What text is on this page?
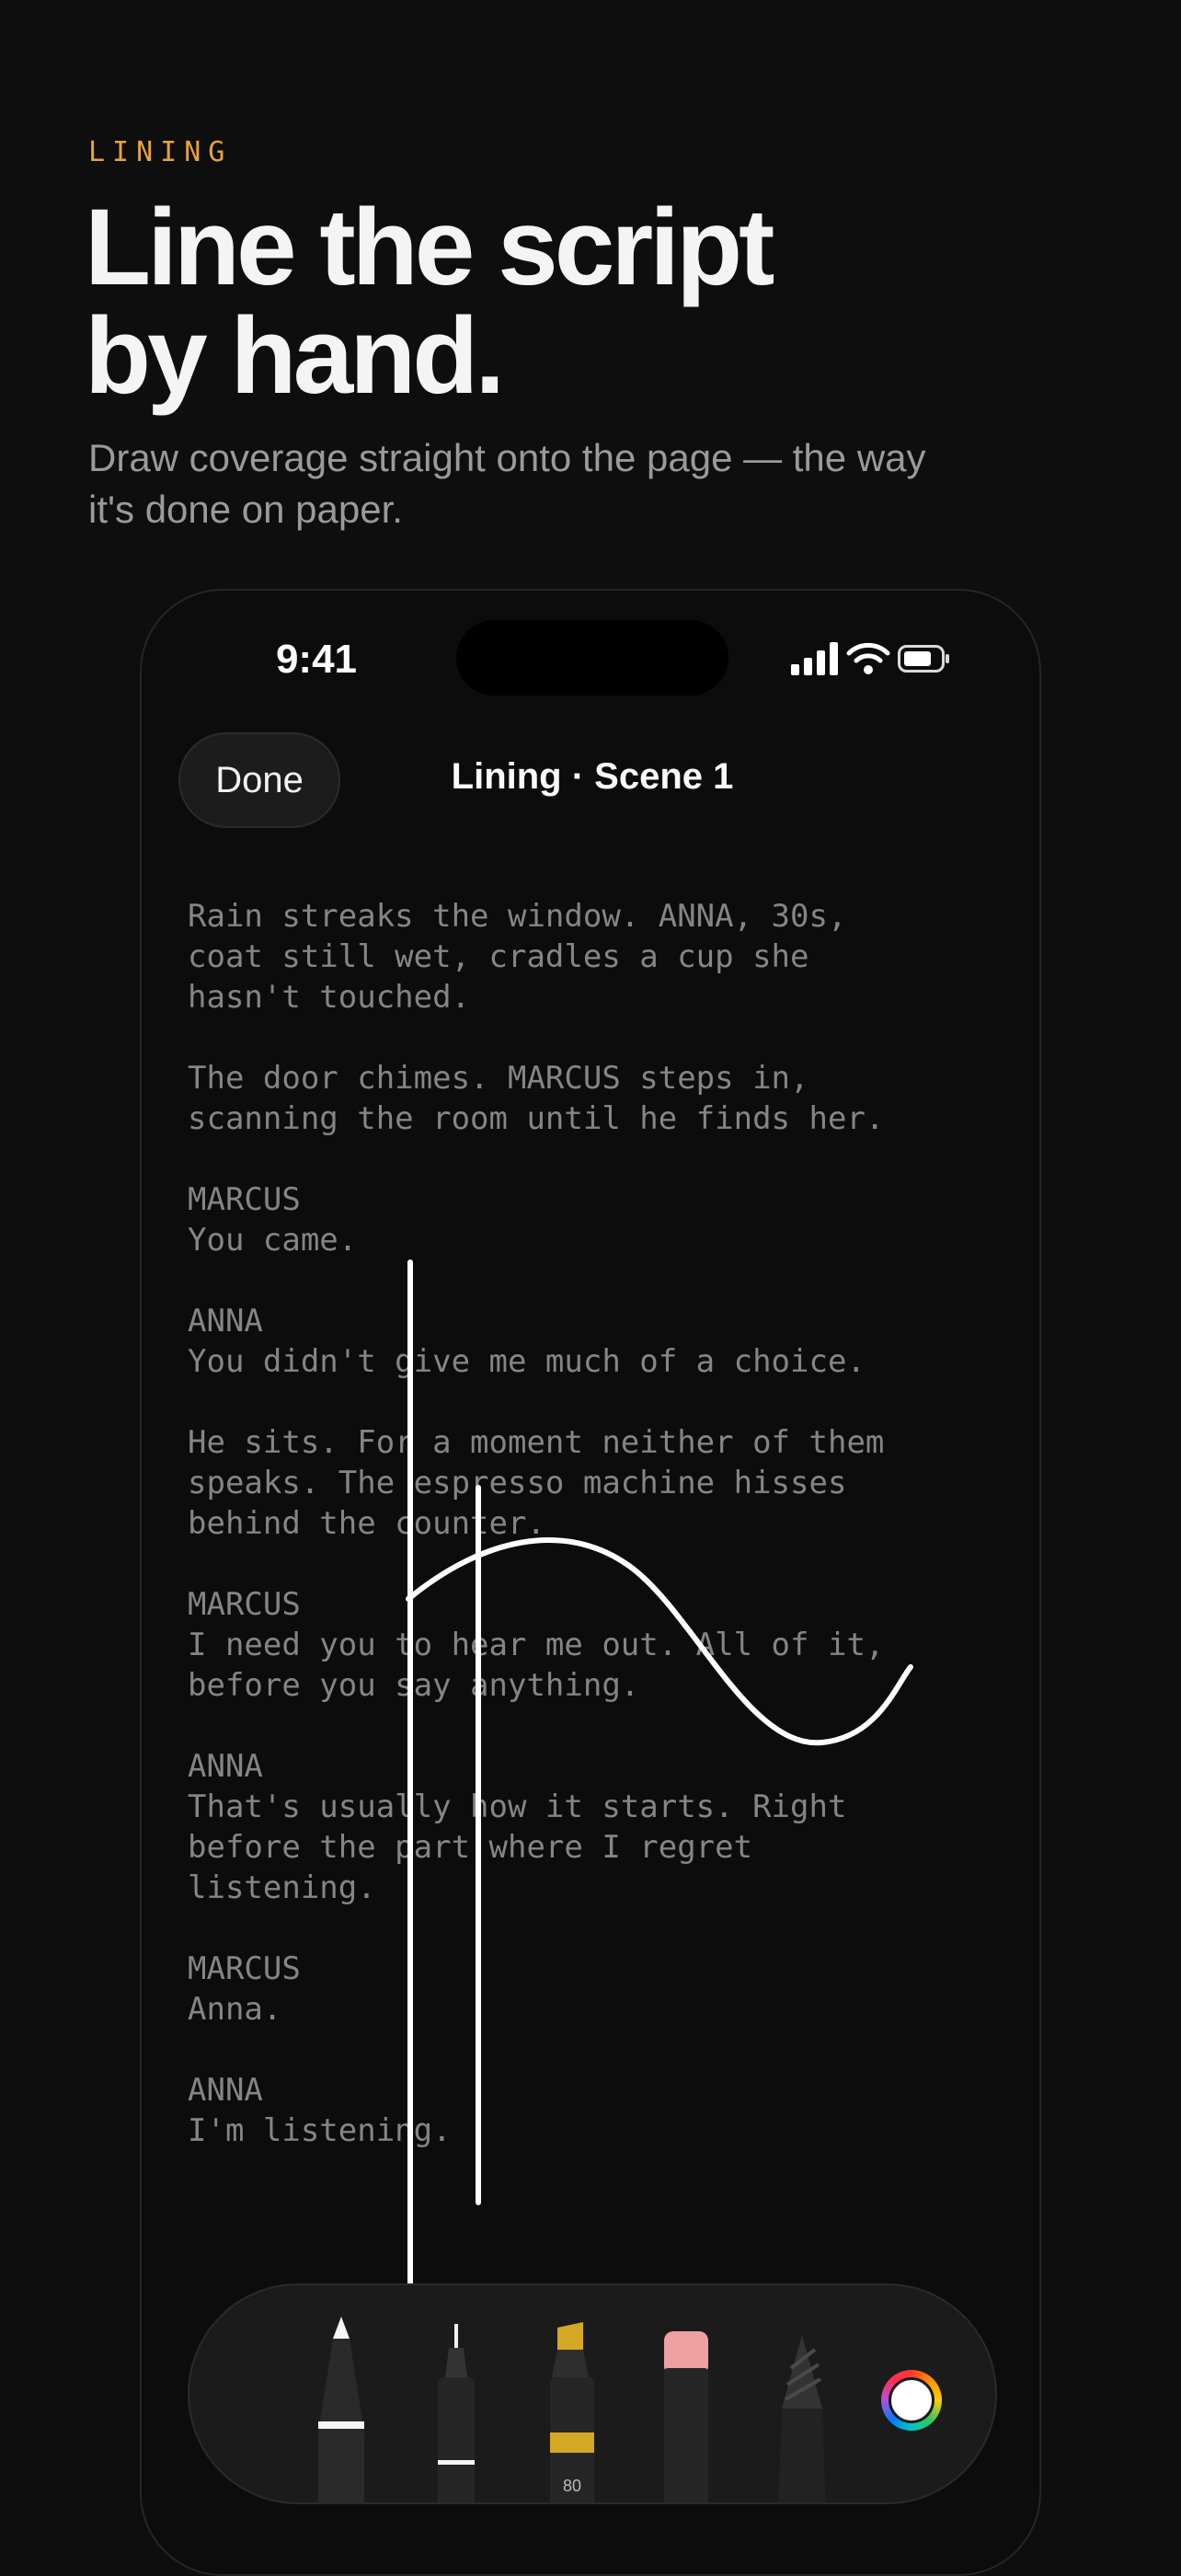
LINING
Line the script
by hand.

Draw coverage straight onto the page — the way it's done on paper.

9:41
Done	Lining · Scene 1

Rain streaks the window. ANNA, 30s,
coat still wet, cradles a cup she
hasn't touched.

The door chimes. MARCUS steps in,
scanning the room until he finds her.

MARCUS
You came.

ANNA
You didn't give me much of a choice.

He sits. For a moment neither of them
speaks. The espresso machine hisses
behind the counter.

MARCUS
I need you to hear me out. All of it,
before you say anything.

ANNA
That's usually how it starts. Right
before the part where I regret
listening.

MARCUS
Anna.

ANNA
I'm listening.

80
